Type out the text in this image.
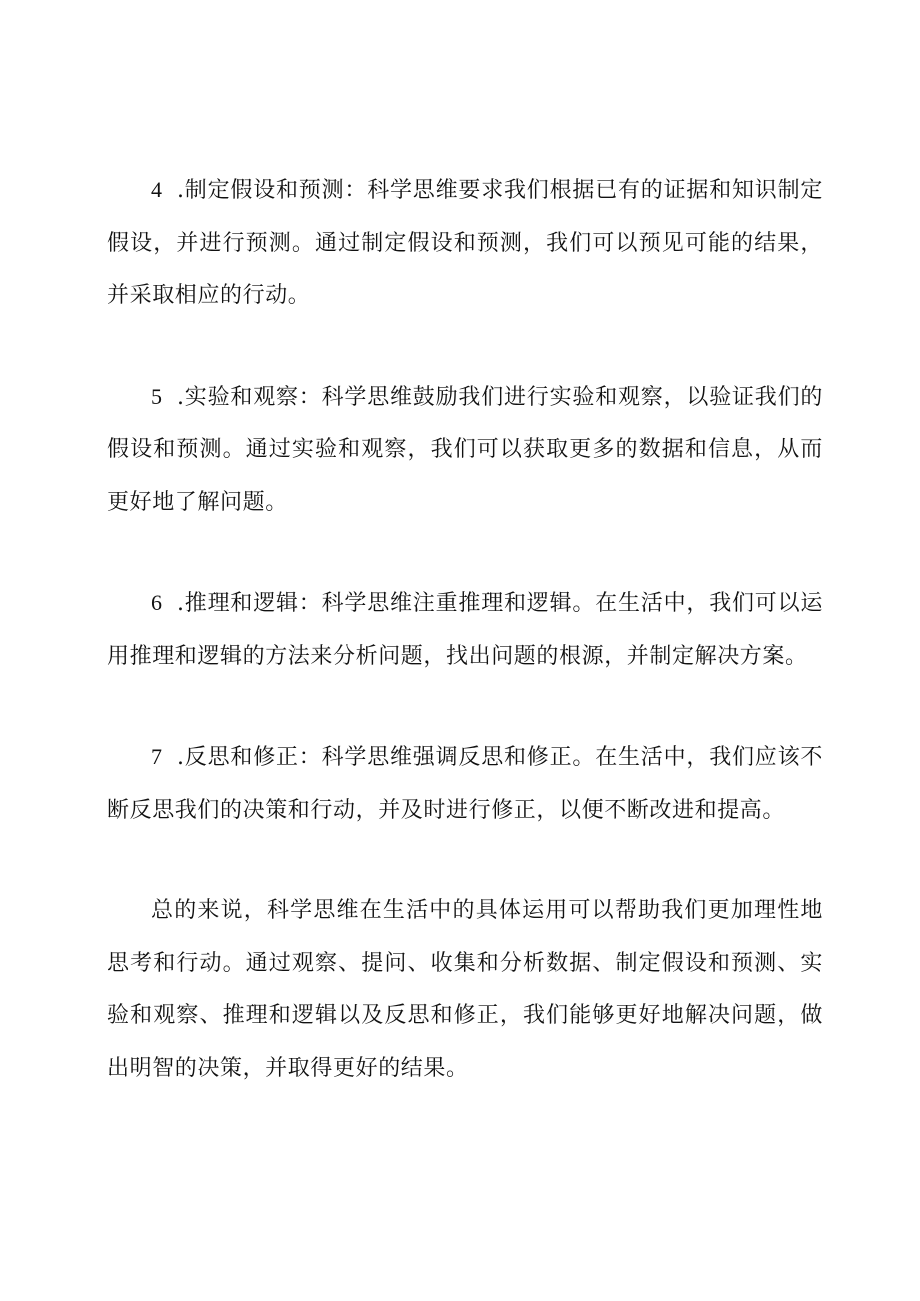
4 .制定假设和预测：科学思维要求我们根据已有的证据和知识制定假设，并进行预测。通过制定假设和预测，我们可以预见可能的结果，并采取相应的行动。

5 .实验和观察：科学思维鼓励我们进行实验和观察，以验证我们的假设和预测。通过实验和观察，我们可以获取更多的数据和信息，从而更好地了解问题。

6 .推理和逻辑：科学思维注重推理和逻辑。在生活中，我们可以运用推理和逻辑的方法来分析问题，找出问题的根源，并制定解决方案。

7 .反思和修正：科学思维强调反思和修正。在生活中，我们应该不断反思我们的决策和行动，并及时进行修正，以便不断改进和提高。

总的来说，科学思维在生活中的具体运用可以帮助我们更加理性地思考和行动。通过观察、提问、收集和分析数据、制定假设和预测、实验和观察、推理和逻辑以及反思和修正，我们能够更好地解决问题，做出明智的决策，并取得更好的结果。
